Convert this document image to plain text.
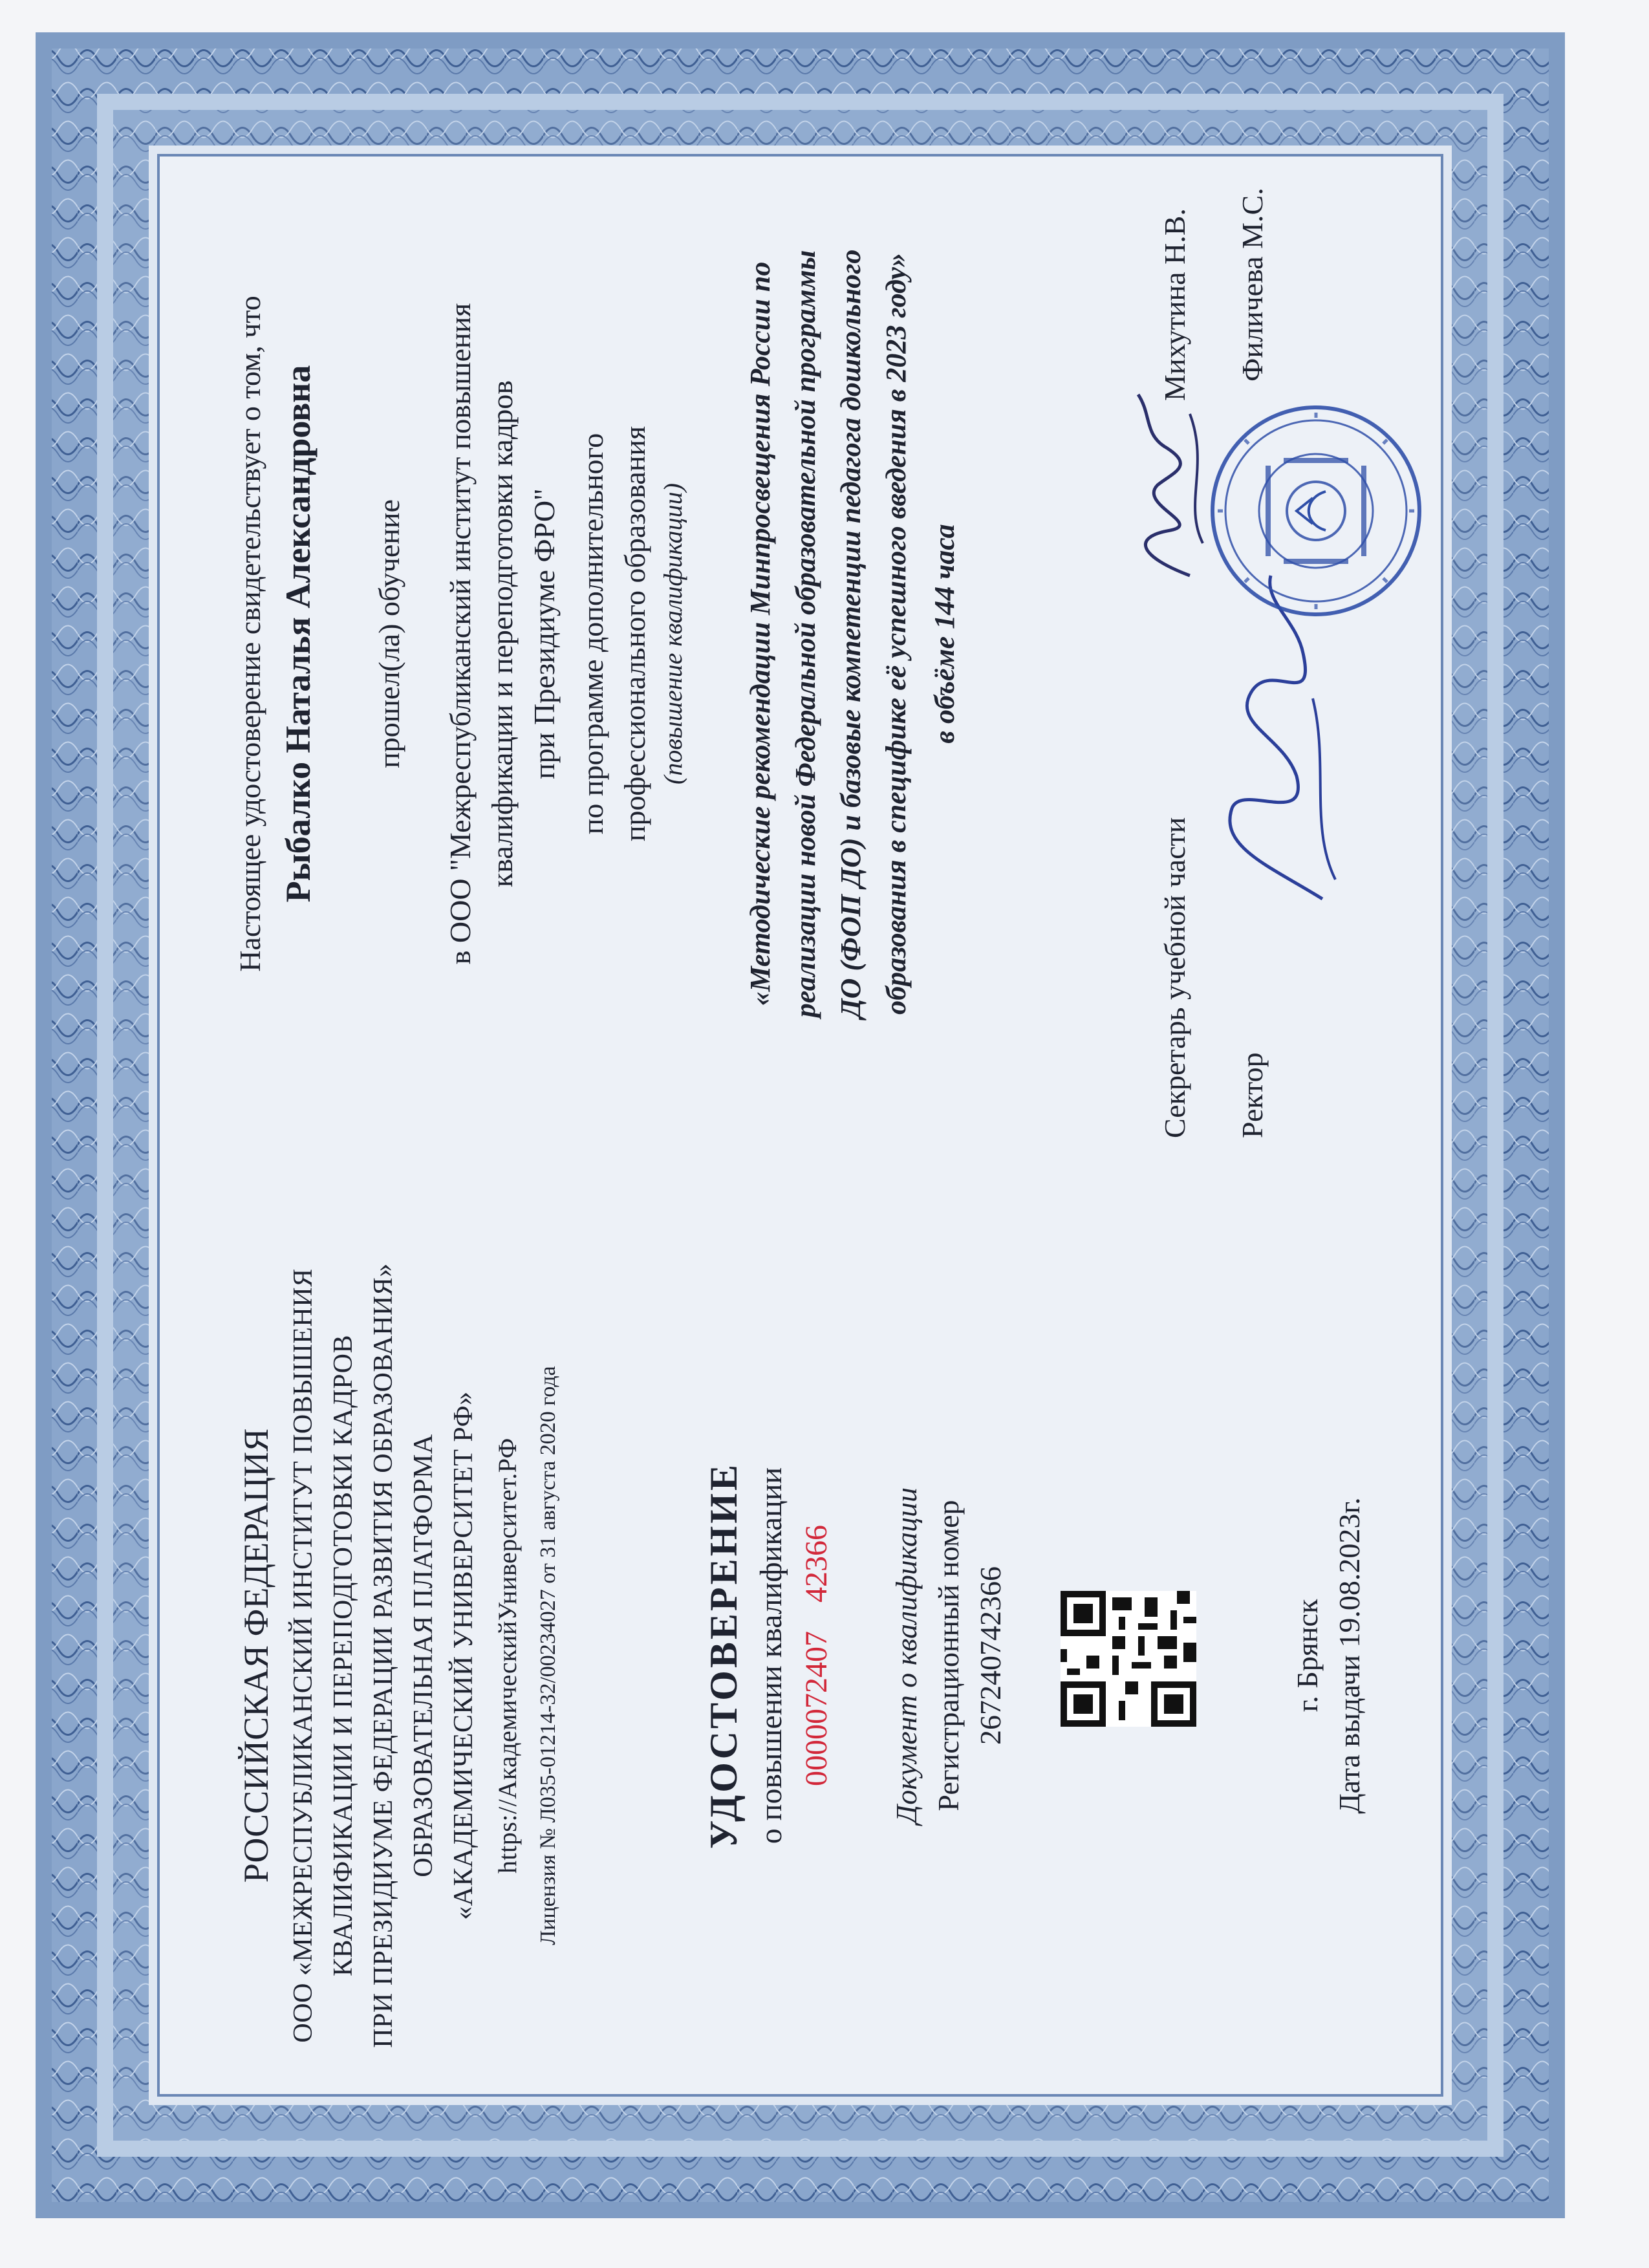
РОССИЙСКАЯ ФЕДЕРАЦИЯ ООО «МЕЖРЕСПУБЛИКАНСКИЙ ИНСТИТУТ ПОВЫШЕНИЯ КВАЛИФИКАЦИИ И ПЕРЕПОДГОТОВКИ КАДРОВ ПРИ ПРЕЗИДИУМЕ ФЕДЕРАЦИИ РАЗВИТИЯ ОБРАЗОВАНИЯ» ОБРАЗОВАТЕЛЬНАЯ ПЛАТФОРМА «АКАДЕМИЧЕСКИЙ УНИВЕРСИТЕТ РФ» https://АкадемическийУниверситет.РФ Лицензия № Л035-01214-32/00234027 от 31 августа 2020 года	УДОСТОВЕРЕНИЕ о повышении квалификации 0000072407 42366 Документ о квалификации Регистрационный номер 267240742366	г. Брянск Дата выдачи 19.08.2023г.
Настоящее удостоверение свидетельствует о том, что Рыбалко Наталья Александровна прошел(ла) обучение в ООО "Межреспубликанский институт повышения квалификации и переподготовки кадров при Президиуме ФРО" по программе дополнительного профессионального образования (повышение квалификации) «Методические рекомендации Минпросвещения России по реализации новой Федеральной образовательной программы ДО (ФОП ДО) и базовые компетенции педагога дошкольного образования в специфике её успешного введения в 2023 году» в объёме 144 часа
Секретарь учебной части
Михутина Н.В.
Ректор
Филичева М.С.
